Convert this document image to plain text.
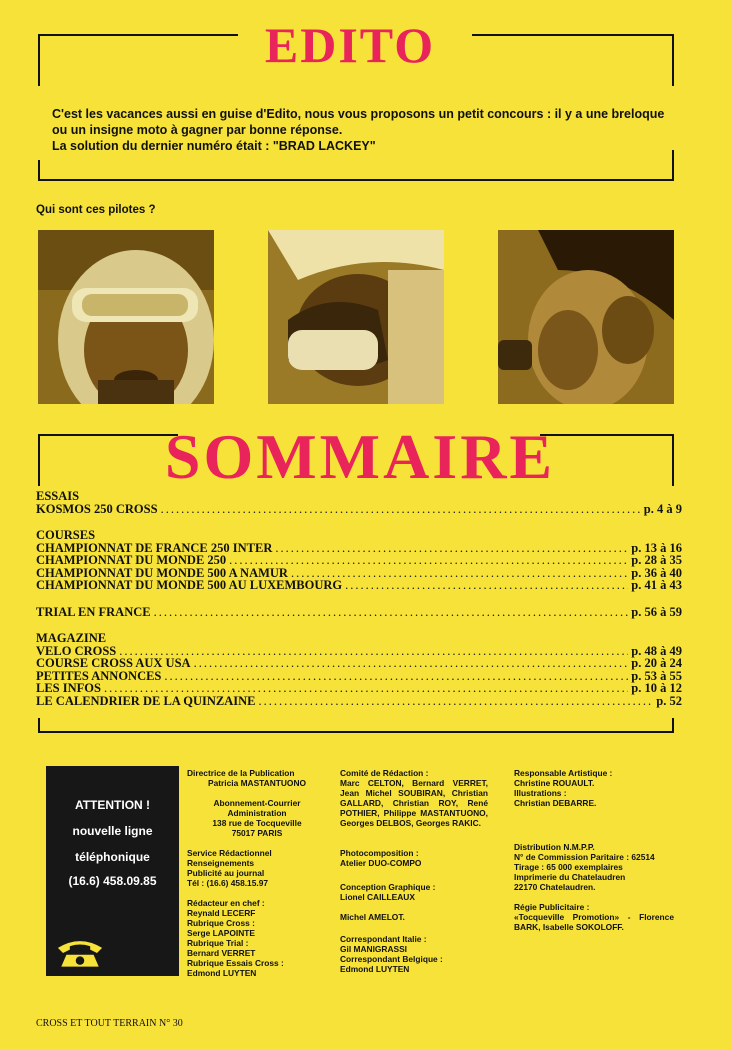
EDITO

C'est les vacances aussi en guise d'Edito, nous vous proposons un petit concours : il y a une breloque ou un insigne moto à gagner par bonne réponse.

La solution du dernier numéro était : "BRAD LACKEY"

Qui sont ces pilotes ?
SOMMAIRE
ESSAIS
KOSMOS 250 CROSS .....	p. 4 à 9
COURSES
CHAMPIONNAT DE FRANCE 250 INTER .....	p. 13 à 16
CHAMPIONNAT DU MONDE 250 .....	p. 28 à 35
CHAMPIONNAT DU MONDE 500 A NAMUR .....	p. 36 à 40
CHAMPIONNAT DU MONDE 500 AU LUXEMBOURG .....	p. 41 à 43
TRIAL EN FRANCE .....	p. 56 à 59
MAGAZINE
VELO CROSS .....	p. 48 à 49
COURSE CROSS AUX USA .....	p. 20 à 24
PETITES ANNONCES .....	p. 53 à 55
LES INFOS .....	p. 10 à 12
LE CALENDRIER DE LA QUINZAINE .....	p. 52
ATTENTION !
nouvelle ligne
téléphonique
(16.6) 458.09.85

Directrice de la Publication

Patricia MASTANTUONO

Abonnement-Courrier

Administration
138 rue de Tocqueville
75017 PARIS

Service Rédactionnel

Renseignements
Publicité au journal
Tél : (16.6) 458.15.97

Rédacteur en chef :

Reynald LECERF
Rubrique Cross :
Serge LAPOINTE
Rubrique Trial :
Bernard VERRET
Rubrique Essais Cross :
Edmond LUYTEN

Comité de Rédaction :

Marc CELTON, Bernard VERRET, Jean Michel SOUBIRAN, Christian GALLARD, Christian ROY, René POTHIER, Philippe MASTANTUONO, Georges DELBOS, Georges RAKIC.

Photocomposition :

Atelier DUO-COMPO

Conception Graphique :

Lionel CAILLEAUX

Michel AMELOT.

Correspondant Italie :

Gil MANIGRASSI
Correspondant Belgique :
Edmond LUYTEN

Responsable Artistique :

Christine ROUAULT.
Illustrations :
Christian DEBARRE.

Distribution N.M.P.P.

N° de Commission Paritaire : 62514
Tirage : 65 000 exemplaires
Imprimerie du Chatelaudren
22170 Chatelaudren.

Régie Publicitaire :

«Tocqueville Promotion» - Florence BARK, Isabelle SOKOLOFF.

CROSS ET TOUT TERRAIN N° 30
